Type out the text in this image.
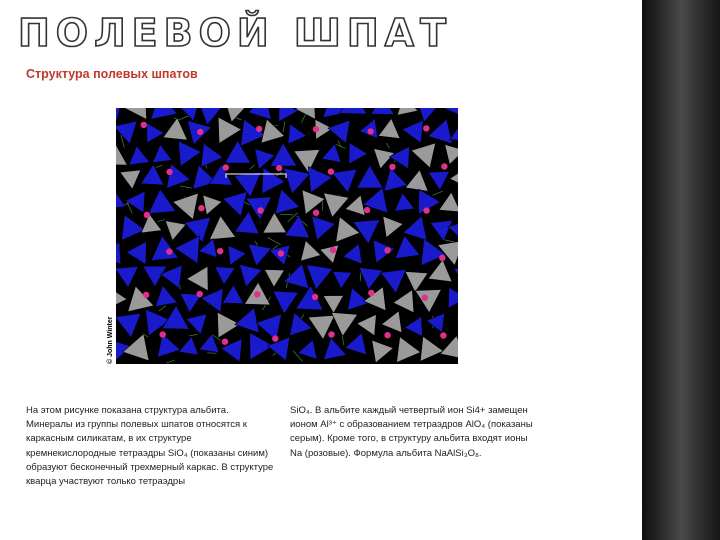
ПОЛЕВОЙ ШПАТ
Структура полевых шпатов
© John Winter

На этом рисунке показана структура альбита. Минералы из группы полевых шпатов относятся к каркасным силикатам, в их структуре кремнекислородные тетраэдры SiO₄ (показаны синим) образуют бесконечный трехмерный каркас. В структуре кварца участвуют только тетраэдры

SiO₄. В альбите каждый четвертый ион Si4+ замещен ионом Al³⁺ с образованием тетраэдров AlO₄ (показаны серым). Кроме того, в структуру альбита входят ионы Na (розовые). Формула альбита NaAlSi₃O₈.
